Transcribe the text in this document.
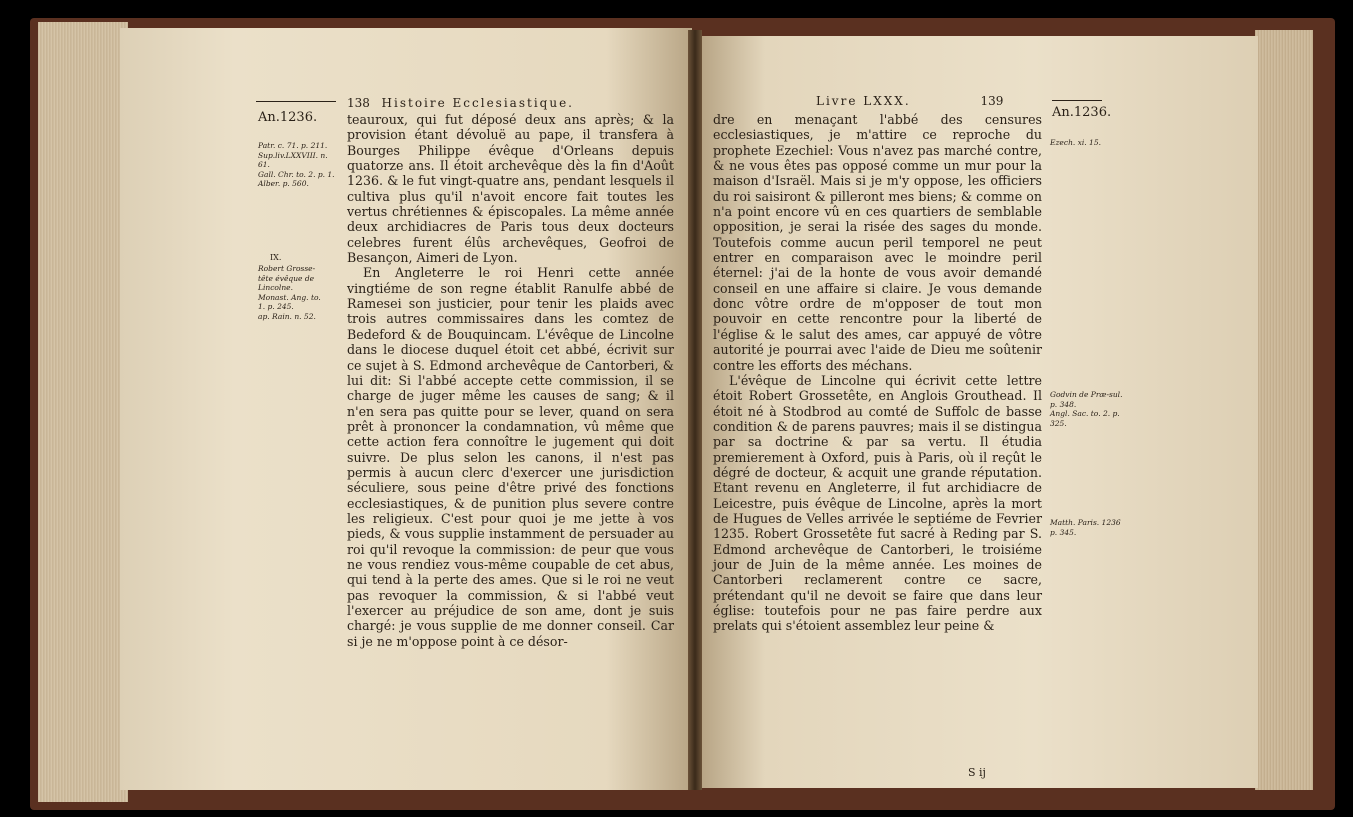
An.1236.
138 Histoire Ecclesiastique.
Patr. c. 71. p. 211.
Sup.liv.LXXVIII. n. 61.
Gall. Chr. to. 2. p. 1.
Alber. p. 560.
IX.
Robert Grosse-tête évêque de Lincolne.
Monast. Ang. to. 1. p. 245.
ap. Rain. n. 52.

teauroux, qui fut déposé deux ans après; & la provision étant dévoluë au pape, il transfera à Bourges Philippe évêque d'Orleans depuis quatorze ans. Il étoit archevêque dès la fin d'Août 1236. & le fut vingt-quatre ans, pendant lesquels il cultiva plus qu'il n'avoit encore fait toutes les vertus chrétiennes & épiscopales. La même année deux archidiacres de Paris tous deux docteurs celebres furent élûs archevêques, Geofroi de Besançon, Aimeri de Lyon.

En Angleterre le roi Henri cette année vingtiéme de son regne établit Ranulfe abbé de Ramesei son justicier, pour tenir les plaids avec trois autres commissaires dans les comtez de Bedeford & de Bouquincam. L'évêque de Lincolne dans le diocese duquel étoit cet abbé, écrivit sur ce sujet à S. Edmond archevêque de Cantorberi, & lui dit: Si l'abbé accepte cette commission, il se charge de juger même les causes de sang; & il n'en sera pas quitte pour se lever, quand on sera prêt à prononcer la condamnation, vû même que cette action fera connoître le jugement qui doit suivre. De plus selon les canons, il n'est pas permis à aucun clerc d'exercer une jurisdiction séculiere, sous peine d'être privé des fonctions ecclesiastiques, & de punition plus severe contre les religieux. C'est pour quoi je me jette à vos pieds, & vous supplie instamment de persuader au roi qu'il revoque la commission: de peur que vous ne vous rendiez vous-même coupable de cet abus, qui tend à la perte des ames. Que si le roi ne veut pas revoquer la commission, & si l'abbé veut l'exercer au préjudice de son ame, dont je suis chargé: je vous supplie de me donner conseil. Car si je ne m'oppose point à ce désor-

Livre LXXX.	139
An.1236.
Ezech. xi. 15.
Godvin de Præ-sul. p. 348.
Angl. Sac. to. 2. p. 325.
Matth. Paris. 1236 p. 345.

dre en menaçant l'abbé des censures ecclesiastiques, je m'attire ce reproche du prophete Ezechiel: Vous n'avez pas marché contre, & ne vous êtes pas opposé comme un mur pour la maison d'Israël. Mais si je m'y oppose, les officiers du roi saisiront & pilleront mes biens; & comme on n'a point encore vû en ces quartiers de semblable opposition, je serai la risée des sages du monde. Toutefois comme aucun peril temporel ne peut entrer en comparaison avec le moindre peril éternel: j'ai de la honte de vous avoir demandé conseil en une affaire si claire. Je vous demande donc vôtre ordre de m'opposer de tout mon pouvoir en cette rencontre pour la liberté de l'église & le salut des ames, car appuyé de vôtre autorité je pourrai avec l'aide de Dieu me soûtenir contre les efforts des méchans.

L'évêque de Lincolne qui écrivit cette lettre étoit Robert Grossetête, en Anglois Grouthead. Il étoit né à Stodbrod au comté de Suffolc de basse condition & de parens pauvres; mais il se distingua par sa doctrine & par sa vertu. Il étudia premierement à Oxford, puis à Paris, où il reçût le dégré de docteur, & acquit une grande réputation. Etant revenu en Angleterre, il fut archidiacre de Leicestre, puis évêque de Lincolne, après la mort de Hugues de Velles arrivée le septiéme de Fevrier 1235. Robert Grossetête fut sacré à Reding par S. Edmond archevêque de Cantorberi, le troisiéme jour de Juin de la même année. Les moines de Cantorberi reclamerent contre ce sacre, prétendant qu'il ne devoit se faire que dans leur église: toutefois pour ne pas faire perdre aux prelats qui s'étoient assemblez leur peine &

S ij
